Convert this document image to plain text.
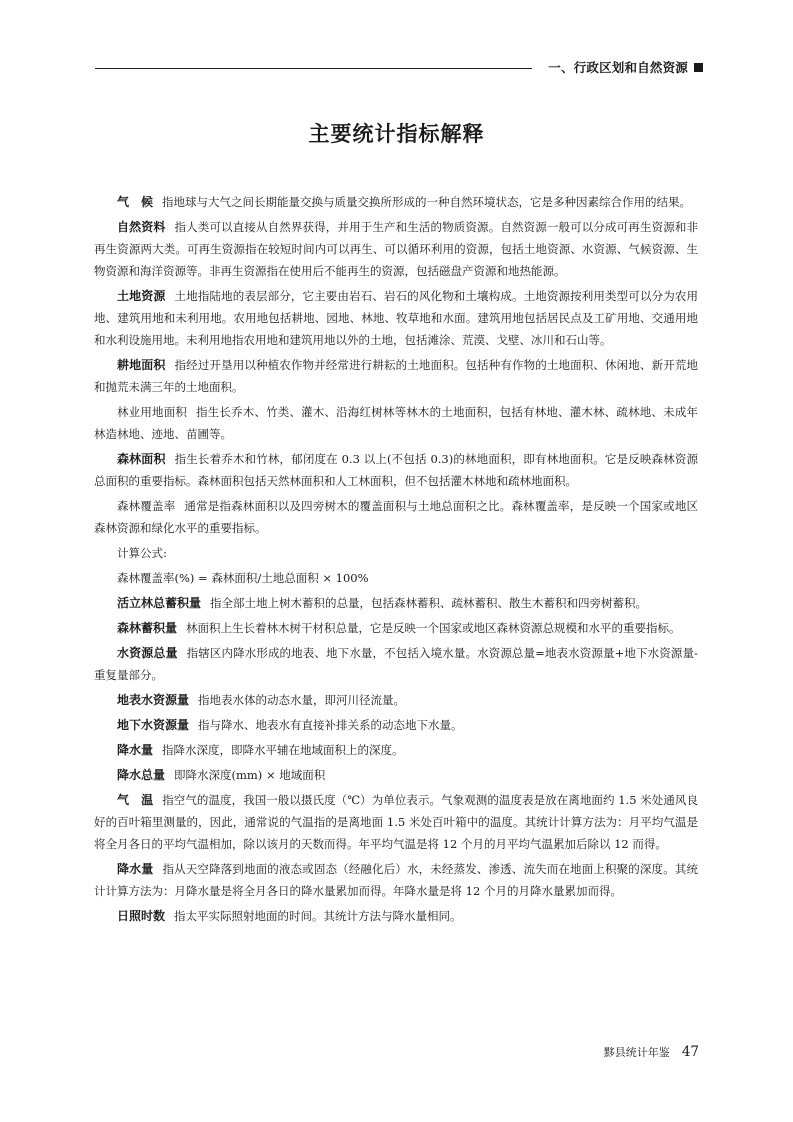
一、行政区划和自然资源
主要统计指标解释

气　候 指地球与大气之间长期能量交换与质量交换所形成的一种自然环境状态，它是多种因素综合作用的结果。

自然资料 指人类可以直接从自然界获得，并用于生产和生活的物质资源。自然资源一般可以分成可再生资源和非再生资源两大类。可再生资源指在较短时间内可以再生、可以循环利用的资源，包括土地资源、水资源、气候资源、生物资源和海洋资源等。非再生资源指在使用后不能再生的资源，包括磁盘产资源和地热能源。

土地资源 土地指陆地的表层部分，它主要由岩石、岩石的风化物和土壤构成。土地资源按利用类型可以分为农用地、建筑用地和未利用地。农用地包括耕地、园地、林地、牧草地和水面。建筑用地包括居民点及工矿用地、交通用地和水利设施用地。未利用地指农用地和建筑用地以外的土地，包括滩涂、荒漠、戈壁、冰川和石山等。

耕地面积 指经过开垦用以种植农作物并经常进行耕耘的土地面积。包括种有作物的土地面积、休闲地、新开荒地和抛荒未满三年的土地面积。

林业用地面积 指生长乔木、竹类、灌木、沿海红树林等林木的土地面积，包括有林地、灌木林、疏林地、未成年林造林地、迹地、苗圃等。

森林面积 指生长着乔木和竹林，郁闭度在 0.3 以上(不包括 0.3)的林地面积，即有林地面积。它是反映森林资源总面积的重要指标。森林面积包括天然林面积和人工林面积，但不包括灌木林地和疏林地面积。

森林覆盖率 通常是指森林面积以及四旁树木的覆盖面积与土地总面积之比。森林覆盖率，是反映一个国家或地区森林资源和绿化水平的重要指标。

计算公式:

森林覆盖率(%) = 森林面积/土地总面积 × 100%

活立林总蓄积量 指全部土地上树木蓄积的总量，包括森林蓄积、疏林蓄积、散生木蓄积和四旁树蓄积。

森林蓄积量 林面积上生长着林木树干材积总量，它是反映一个国家或地区森林资源总规模和水平的重要指标。

水资源总量 指辖区内降水形成的地表、地下水量，不包括入境水量。水资源总量=地表水资源量+地下水资源量-重复量部分。

地表水资源量 指地表水体的动态水量，即河川径流量。

地下水资源量 指与降水、地表水有直接补排关系的动态地下水量。

降水量 指降水深度，即降水平辅在地域面积上的深度。

降水总量 即降水深度(mm) × 地域面积

气　温 指空气的温度，我国一般以摄氏度（℃）为单位表示。气象观测的温度表是放在离地面约 1.5 米处通风良好的百叶箱里测量的，因此，通常说的气温指的是离地面 1.5 米处百叶箱中的温度。其统计计算方法为：月平均气温是将全月各日的平均气温相加，除以该月的天数而得。年平均气温是将 12 个月的月平均气温累加后除以 12 而得。

降水量 指从天空降落到地面的液态或固态（经融化后）水，未经蒸发、渗透、流失而在地面上积聚的深度。其统计计算方法为：月降水量是将全月各日的降水量累加而得。年降水量是将 12 个月的月降水量累加而得。

日照时数 指太平实际照射地面的时间。其统计方法与降水量相同。

黟县统计年鉴 47
